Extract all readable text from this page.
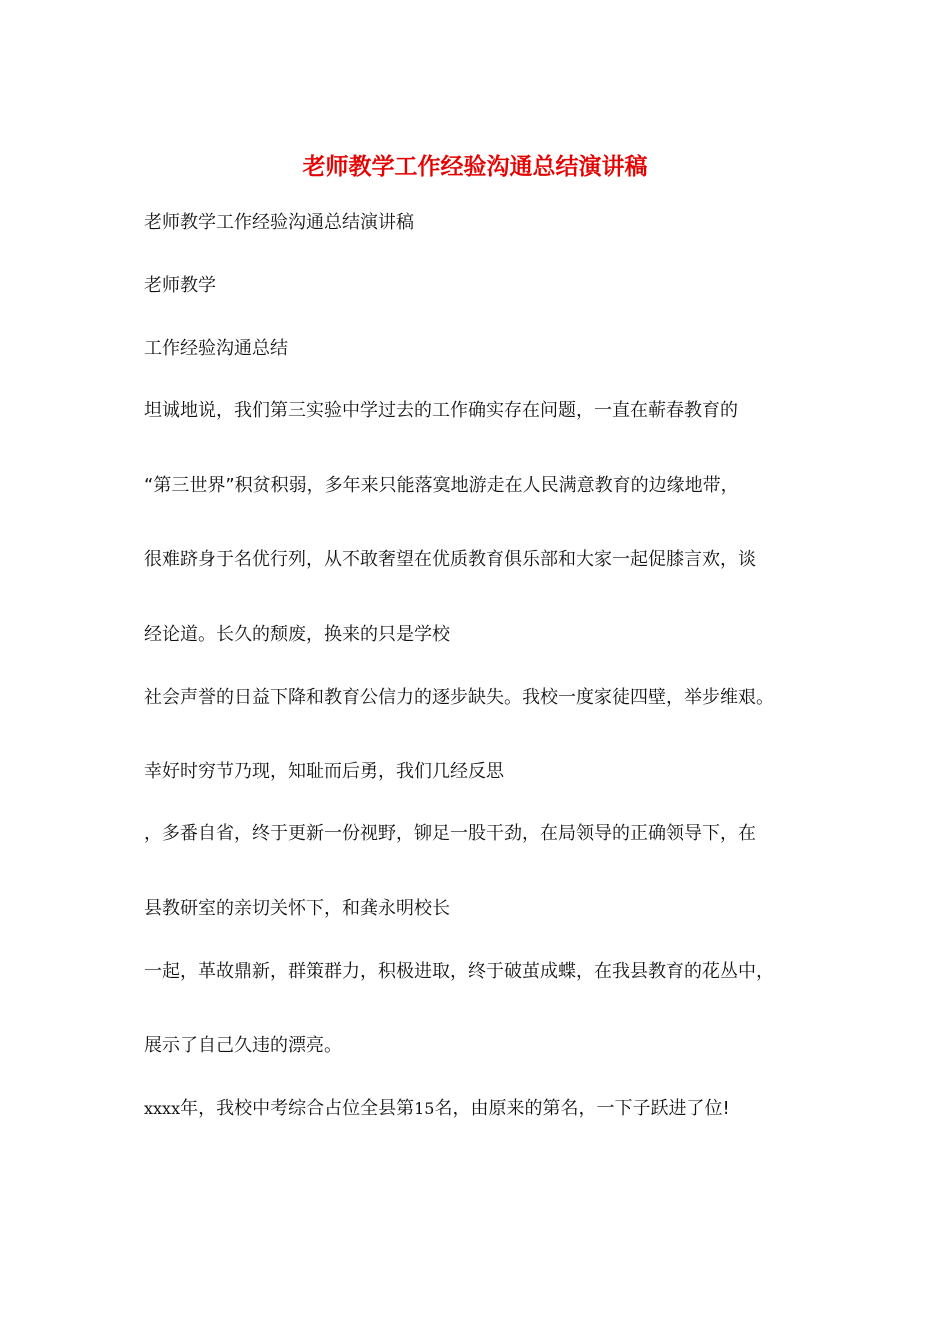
老师教学工作经验沟通总结演讲稿
老师教学工作经验沟通总结演讲稿
老师教学
工作经验沟通总结
坦诚地说，我们第三实验中学过去的工作确实存在问题，一直在蕲春教育的
“第三世界”积贫积弱，多年来只能落寞地游走在人民满意教育的边缘地带，
很难跻身于名优行列，从不敢奢望在优质教育俱乐部和大家一起促膝言欢，谈
经论道。长久的颓废，换来的只是学校
社会声誉的日益下降和教育公信力的逐步缺失。我校一度家徒四壁，举步维艰。
幸好时穷节乃现，知耻而后勇，我们几经反思
，多番自省，终于更新一份视野，铆足一股干劲，在局领导的正确领导下，在
县教研室的亲切关怀下，和龚永明校长
一起，革故鼎新，群策群力，积极进取，终于破茧成蝶，在我县教育的花丛中，
展示了自己久违的漂亮。
xxxx年，我校中考综合占位全县第15名，由原来的第名，一下子跃进了位!
